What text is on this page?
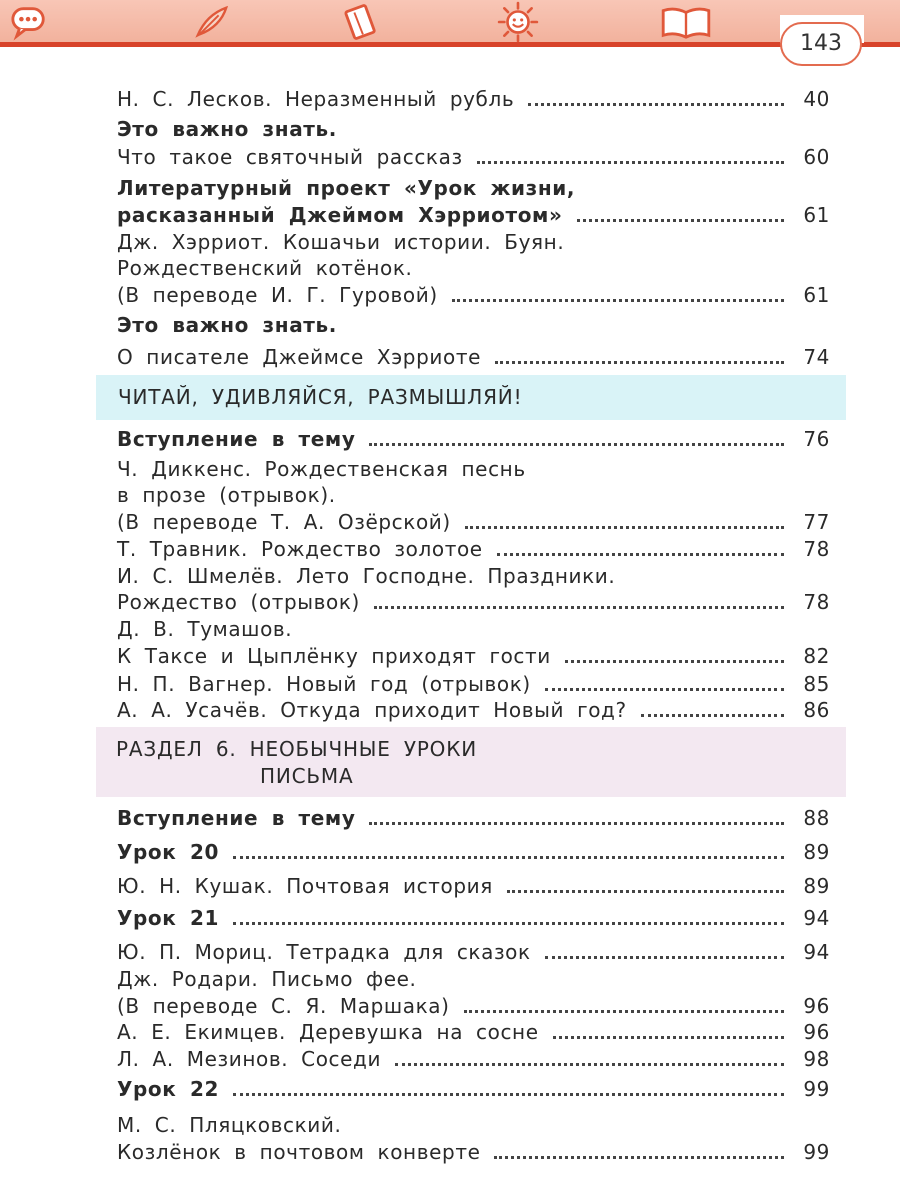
143
ЧИТАЙ, УДИВЛЯЙСЯ, РАЗМЫШЛЯЙ!
РАЗДЕЛ 6. НЕОБЫЧНЫЕ УРОКИ
ПИСЬМА
Н. С. Лесков. Неразменный рубль	40
Это важно знать.
Что такое святочный рассказ	60
Литературный проект «Урок жизни,
расказанный Джеймом Хэрриотом»	61
Дж. Хэрриот. Кошачьи истории. Буян.
Рождественский котёнок.
(В переводе И. Г. Гуровой)	61
Это важно знать.
О писателе Джеймсе Хэрриоте	74
Вступление в тему	76
Ч. Диккенс. Рождественская песнь
в прозе (отрывок).
(В переводе Т. А. Озёрской)	77
Т. Травник. Рождество золотое	78
И. С. Шмелёв. Лето Господне. Праздники.
Рождество (отрывок)	78
Д. В. Тумашов.
К Таксе и Цыплёнку приходят гости	82
Н. П. Вагнер. Новый год (отрывок)	85
А. А. Усачёв. Откуда приходит Новый год?	86
Вступление в тему	88
Урок 20	89
Ю. Н. Кушак. Почтовая история	89
Урок 21	94
Ю. П. Мориц. Тетрадка для сказок	94
Дж. Родари. Письмо фее.
(В переводе С. Я. Маршака)	96
А. Е. Екимцев. Деревушка на сосне	96
Л. А. Мезинов. Соседи	98
Урок 22	99
М. С. Пляцковский.
Козлёнок в почтовом конверте	99
